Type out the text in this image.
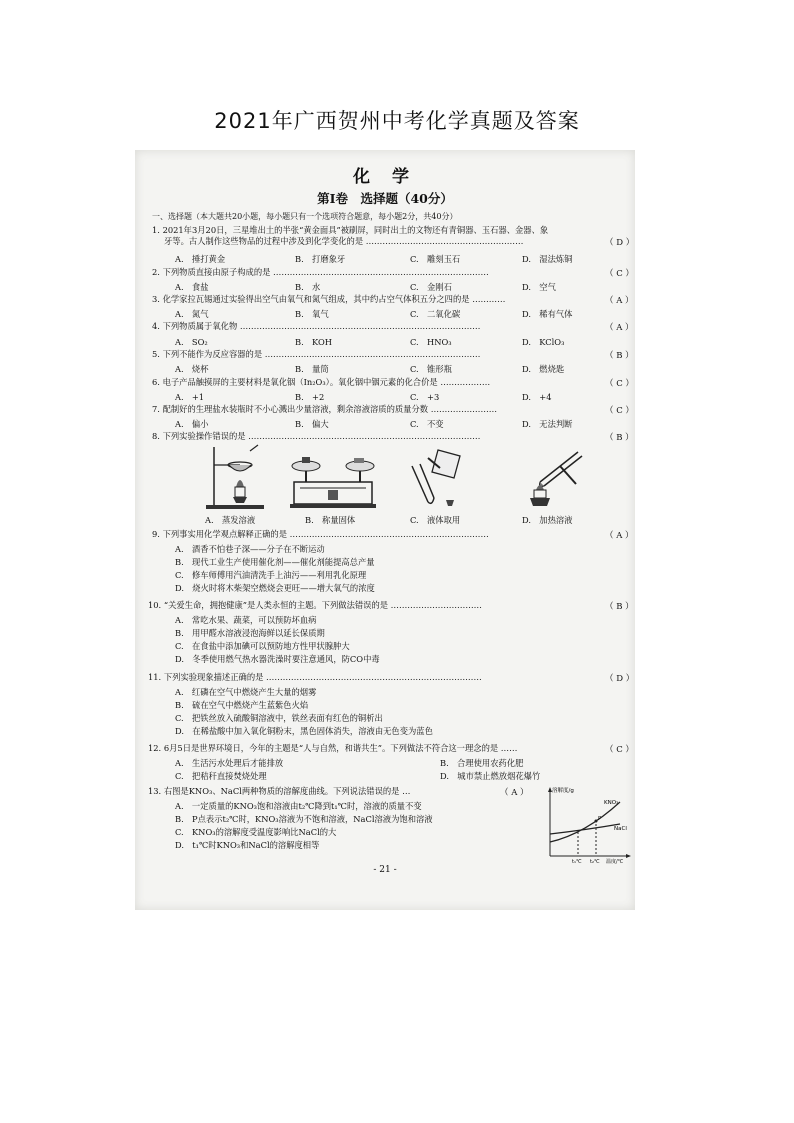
2021年广西贺州中考化学真题及答案
化 学
第Ⅰ卷　选择题（40分）
一、选择题（本大题共20小题，每小题只有一个选项符合题意，每小题2分，共40分）
1. 2021年3月20日，三星堆出土的半张“黄金面具”被刷屏，同时出土的文物还有青铜器、玉石器、金器、象
牙等。古人制作这些物品的过程中涉及到化学变化的是 …………………………………………………	（ D ）
A.　捶打黄金	B.　打磨象牙	C.　雕刻玉石	D.　湿法炼铜
2. 下列物质直接由原子构成的是 ……………………………………………………………………	（ C ）
A.　食盐	B.　水	C.　金刚石	D.　空气
3. 化学家拉瓦锡通过实验得出空气由氧气和氮气组成，其中约占空气体积五分之四的是 …………	（ A ）
A.　氮气	B.　氧气	C.　二氧化碳	D.　稀有气体
4. 下列物质属于氧化物 ……………………………………………………………………………	（ A ）
A.　SO₂	B.　KOH	C.　HNO₃	D.　KClO₃
5. 下列不能作为反应容器的是 ……………………………………………………………………	（ B ）
A.　烧杯	B.　量筒	C.　锥形瓶	D.　燃烧匙
6. 电子产品触摸屏的主要材料是氧化铟（In₂O₃）。氧化铟中铟元素的化合价是 ………………	（ C ）
A.　+1	B.　+2	C.　+3	D.　+4
7. 配制好的生理盐水装瓶时不小心溅出少量溶液，剩余溶液溶质的质量分数 ……………………	（ C ）
A.　偏小	B.　偏大	C.　不变	D.　无法判断
8. 下列实验操作错误的是 …………………………………………………………………………	（ B ）
A.　蒸发溶液	B.　称量固体	C.　液体取用	D.　加热溶液
9. 下列事实用化学观点解释正确的是 ………………………………………………………………	（ A ）
A.　酒香不怕巷子深——分子在不断运动
B.　现代工业生产使用催化剂——催化剂能提高总产量
C.　修车师傅用汽油清洗手上油污——利用乳化原理
D.　烧火时将木柴架空燃烧会更旺——增大氧气的浓度
10. “关爱生命，拥抱健康”是人类永恒的主题。下列做法错误的是 ……………………………	（ B ）
A.　常吃水果、蔬菜，可以预防坏血病
B.　用甲醛水溶液浸泡海鲜以延长保质期
C.　在食盐中添加碘可以预防地方性甲状腺肿大
D.　冬季使用燃气热水器洗澡时要注意通风，防CO中毒
11. 下列实验现象描述正确的是 ……………………………………………………………………	（ D ）
A.　红磷在空气中燃烧产生大量的烟雾
B.　硫在空气中燃烧产生蓝紫色火焰
C.　把铁丝放入硫酸铜溶液中，铁丝表面有红色的铜析出
D.　在稀盐酸中加入氧化铜粉末，黑色固体消失，溶液由无色变为蓝色
12. 6月5日是世界环境日，今年的主题是“人与自然，和谐共生”。下列做法不符合这一理念的是 ……	（ C ）
A.　生活污水处理后才能排放	B.　合理使用农药化肥
C.　把秸秆直接焚烧处理	D.　城市禁止燃放烟花爆竹
13. 右图是KNO₃、NaCl两种物质的溶解度曲线。下列说法错误的是 …	（ A ）
A.　一定质量的KNO₃饱和溶液由t₂℃降到t₁℃时，溶液的质量不变
B.　P点表示t₂℃时，KNO₃溶液为不饱和溶液，NaCl溶液为饱和溶液
C.　KNO₃的溶解度受温度影响比NaCl的大
D.　t₁℃时KNO₃和NaCl的溶解度相等
溶解度/g
KNO₃
NaCl
P
t₁℃ t₂℃ 温度/℃
- 21 -
